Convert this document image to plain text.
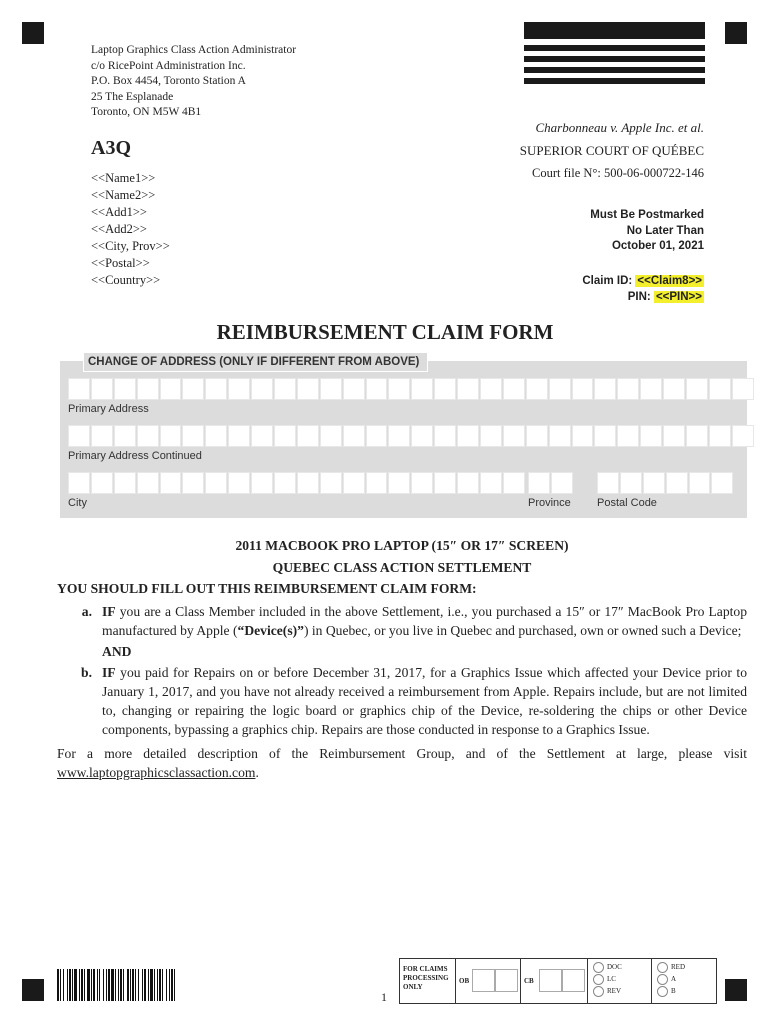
Laptop Graphics Class Action Administrator
c/o RicePoint Administration Inc.
P.O. Box 4454, Toronto Station A
25 The Esplanade
Toronto, ON M5W 4B1
A3Q
<<Name1>>
<<Name2>>
<<Add1>>
<<Add2>>
<<City, Prov>>
<<Postal>>
<<Country>>
Charbonneau v. Apple Inc. et al.
SUPERIOR COURT OF QUÉBEC
Court file N°: 500-06-000722-146
Must Be Postmarked
No Later Than
October 01, 2021
Claim ID: <<Claim8>>
PIN: <<PIN>>
REIMBURSEMENT CLAIM FORM
CHANGE OF ADDRESS (ONLY IF DIFFERENT FROM ABOVE)
Primary Address
Primary Address Continued
City	Province Postal Code
2011 MACBOOK PRO LAPTOP (15″ OR 17″ SCREEN)
QUEBEC CLASS ACTION SETTLEMENT
YOU SHOULD FILL OUT THIS REIMBURSEMENT CLAIM FORM:
a. IF you are a Class Member included in the above Settlement, i.e., you purchased a 15″ or 17″ MacBook Pro Laptop manufactured by Apple (“Device(s)”) in Quebec, or you live in Quebec and purchased, own or owned such a Device;
AND
b. IF you paid for Repairs on or before December 31, 2017, for a Graphics Issue which affected your Device prior to January 1, 2017, and you have not already received a reimbursement from Apple. Repairs include, but are not limited to, changing or repairing the logic board or graphics chip of the Device, re-soldering the chips or other Device components, bypassing a graphics chip. Repairs are those conducted in response to a Graphics Issue.
For a more detailed description of the Reimbursement Group, and of the Settlement at large, please visit www.laptopgraphicsclassaction.com.
1
FOR CLAIMS PROCESSING ONLY
OB	CB
DOC
LC
REV
RED
A
B
